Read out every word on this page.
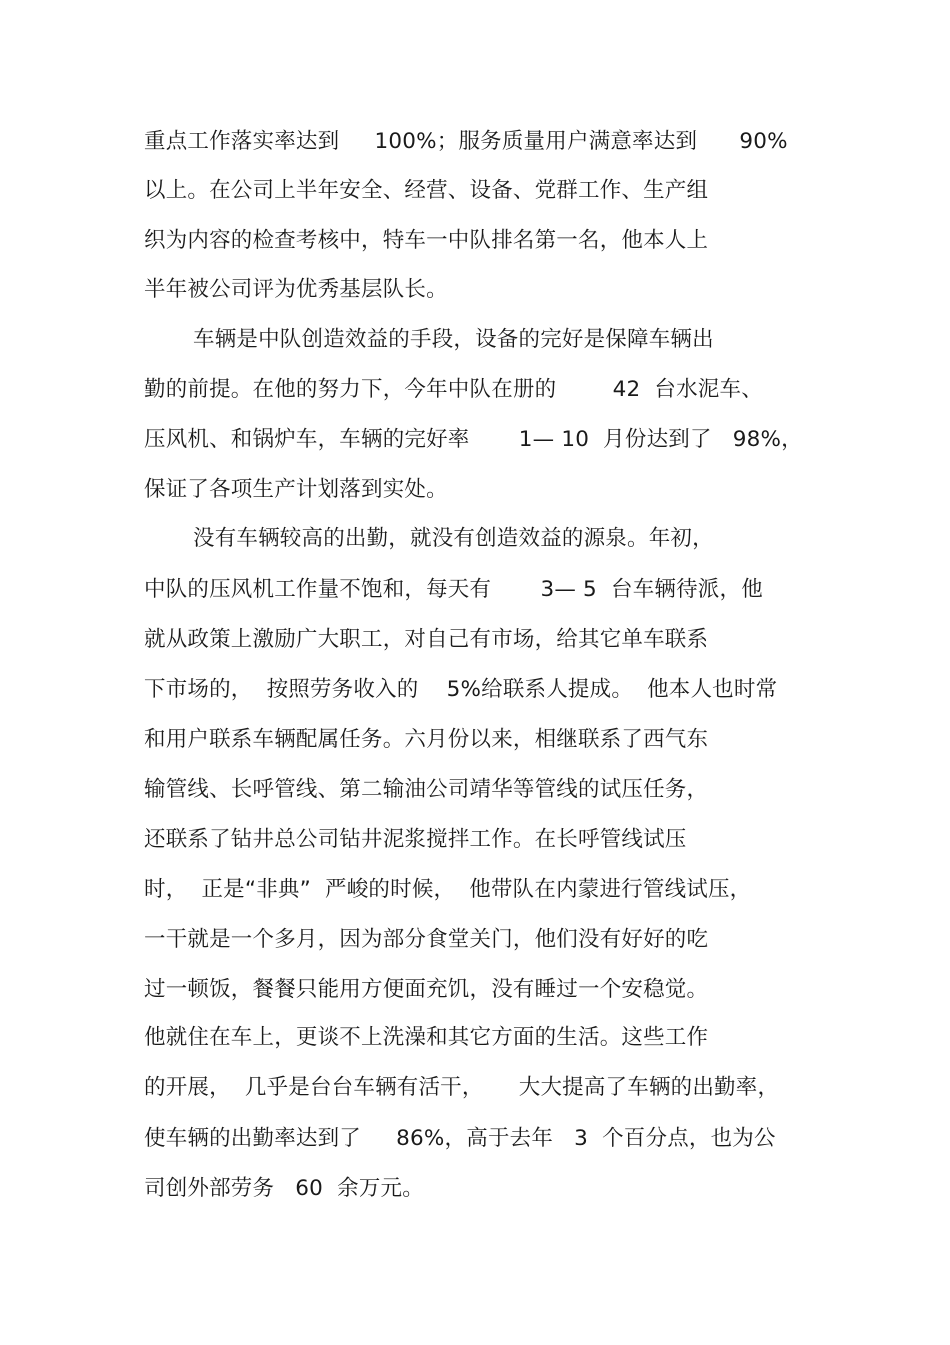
重点工作落实率达到     100%；服务质量用户满意率达到      90%
以上。在公司上半年安全、经营、设备、党群工作、生产组
织为内容的检查考核中，特车一中队排名第一名，他本人上
半年被公司评为优秀基层队长。
车辆是中队创造效益的手段，设备的完好是保障车辆出
勤的前提。在他的努力下，今年中队在册的        42  台水泥车、
压风机、和锅炉车，车辆的完好率       1— 10  月份达到了   98%，
保证了各项生产计划落到实处。
没有车辆较高的出勤，就没有创造效益的源泉。年初，
中队的压风机工作量不饱和，每天有       3— 5  台车辆待派，他
就从政策上激励广大职工，对自己有市场，给其它单车联系
下市场的，  按照劳务收入的    5%给联系人提成。  他本人也时常
和用户联系车辆配属任务。六月份以来，相继联系了西气东
输管线、长呼管线、第二输油公司靖华等管线的试压任务，
还联系了钻井总公司钻井泥浆搅拌工作。在长呼管线试压
时，  正是“非典”  严峻的时候，  他带队在内蒙进行管线试压，
一干就是一个多月，因为部分食堂关门，他们没有好好的吃
过一顿饭，餐餐只能用方便面充饥，没有睡过一个安稳觉。
他就住在车上，更谈不上洗澡和其它方面的生活。这些工作
的开展，  几乎是台台车辆有活干，     大大提高了车辆的出勤率，
使车辆的出勤率达到了     86%，高于去年   3  个百分点，也为公
司创外部劳务   60  余万元。
